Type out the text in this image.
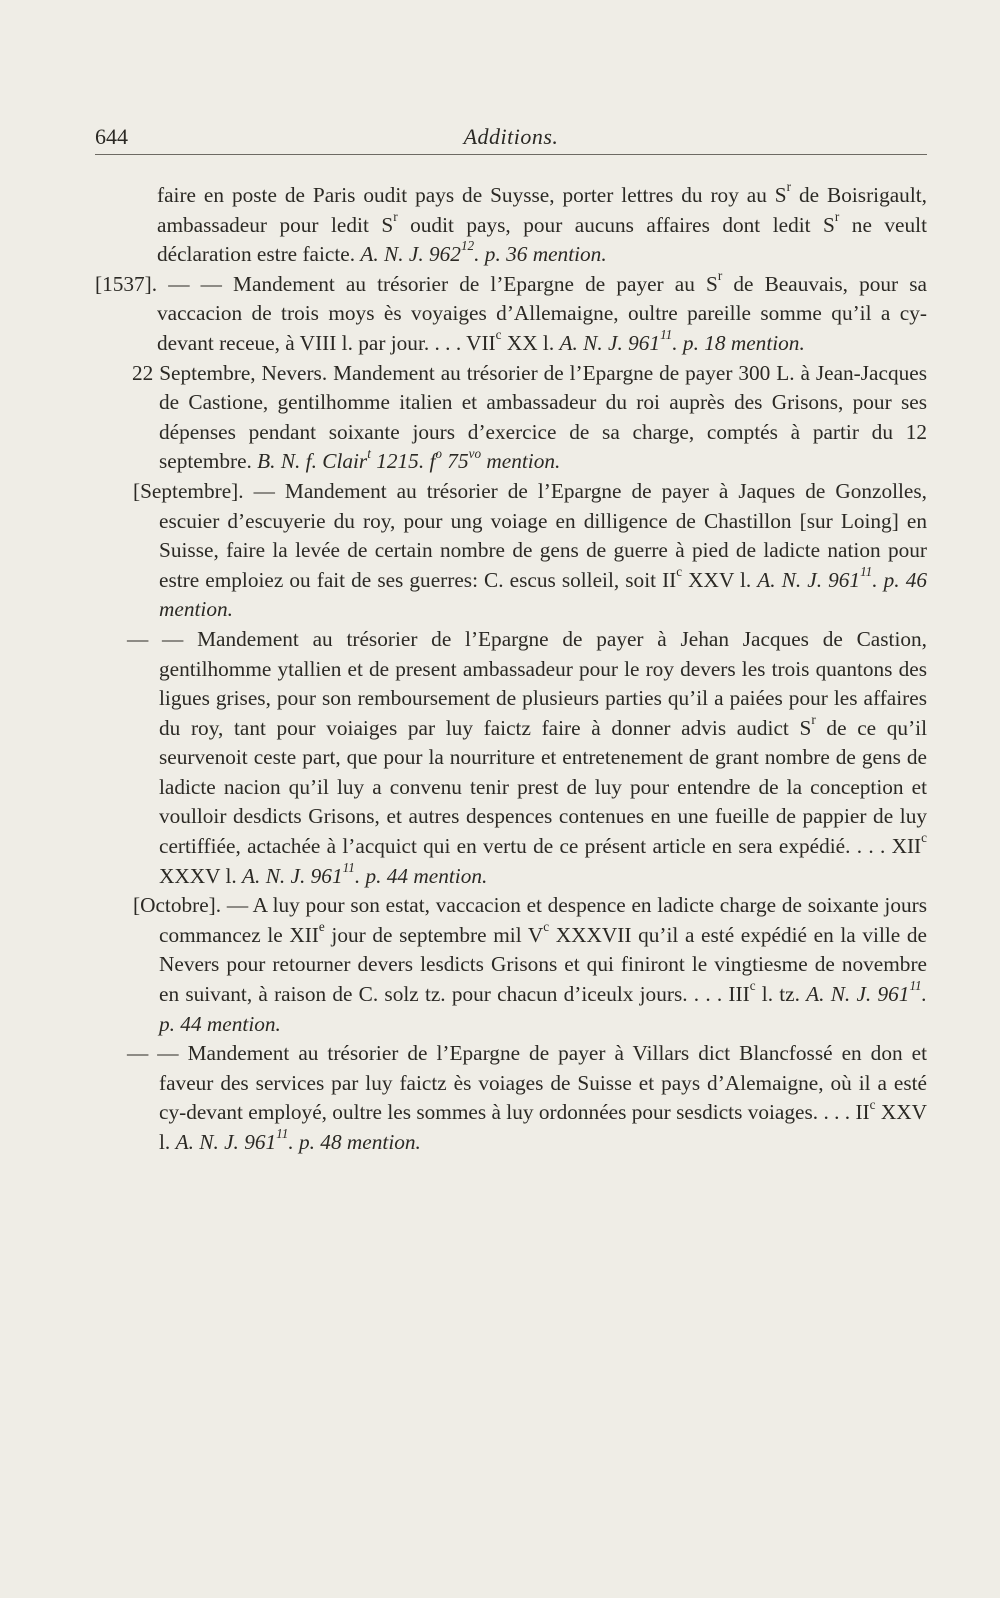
644	Additions.

faire en poste de Paris oudit pays de Suysse, porter lettres du roy au $S^r$ de Boisrigault, ambassadeur pour ledit $S^r$ oudit pays, pour aucuns affaires dont ledit $S^r$ ne veult déclaration estre faicte. A. N. J. $962^{12}$. p. 36 mention.

[1537]. — — Mandement au trésorier de l’Epargne de payer au $S^r$ de Beauvais, pour sa vaccacion de trois moys ès voyaiges d’Allemaigne, oultre pareille somme qu’il a cy-devant receue, à VIII l. par jour. . . . VII$^c$ XX l. A. N. J. $961^{11}$. p. 18 mention.

22 Septembre, Nevers. Mandement au trésorier de l’Epargne de payer 300 L. à Jean-Jacques de Castione, gentilhomme italien et ambassadeur du roi auprès des Grisons, pour ses dépenses pendant soixante jours d’exercice de sa charge, comptés à partir du 12 septembre. B. N. f. Clair$^t$ 1215. $f^o$ $75^{vo}$ mention.

[Septembre]. — Mandement au trésorier de l’Epargne de payer à Jaques de Gonzolles, escuier d’escuyerie du roy, pour ung voiage en dilligence de Chastillon [sur Loing] en Suisse, faire la levée de certain nombre de gens de guerre à pied de ladicte nation pour estre emploiez ou fait de ses guerres: C. escus solleil, soit $II^c$ XXV l. A. N. J. $961^{11}$. p. 46 mention.

— — Mandement au trésorier de l’Epargne de payer à Jehan Jacques de Castion, gentilhomme ytallien et de present ambassadeur pour le roy devers les trois quantons des ligues grises, pour son remboursement de plusieurs parties qu’il a paiées pour les affaires du roy, tant pour voiaiges par luy faictz faire à donner advis audict $S^r$ de ce qu’il seurvenoit ceste part, que pour la nourriture et entretenement de grant nombre de gens de ladicte nacion qu’il luy a convenu tenir prest de luy pour entendre de la conception et voulloir desdicts Grisons, et autres despences contenues en une fueille de pappier de luy certiffiée, actachée à l’acquict qui en vertu de ce présent article en sera expédié. . . . XII$^c$ XXXV l. A. N. J. $961^{11}$. p. 44 mention.

[Octobre]. — A luy pour son estat, vaccacion et despence en ladicte charge de soixante jours commancez le XIIe jour de septembre mil $V^c$ XXXVII qu’il a esté expédié en la ville de Nevers pour retourner devers lesdicts Grisons et qui finiront le vingtiesme de novembre en suivant, à raison de C. solz tz. pour chacun d’iceulx jours. . . . III$^c$ l. tz. A. N. J. $961^{11}$. p. 44 mention.

— — Mandement au trésorier de l’Epargne de payer à Villars dict Blancfossé en don et faveur des services par luy faictz ès voiages de Suisse et pays d’Alemaigne, où il a esté cy-devant employé, oultre les sommes à luy ordonnées pour sesdicts voiages. . . . $II^c$ XXV l. A. N. J. $961^{11}$. p. 48 mention.
